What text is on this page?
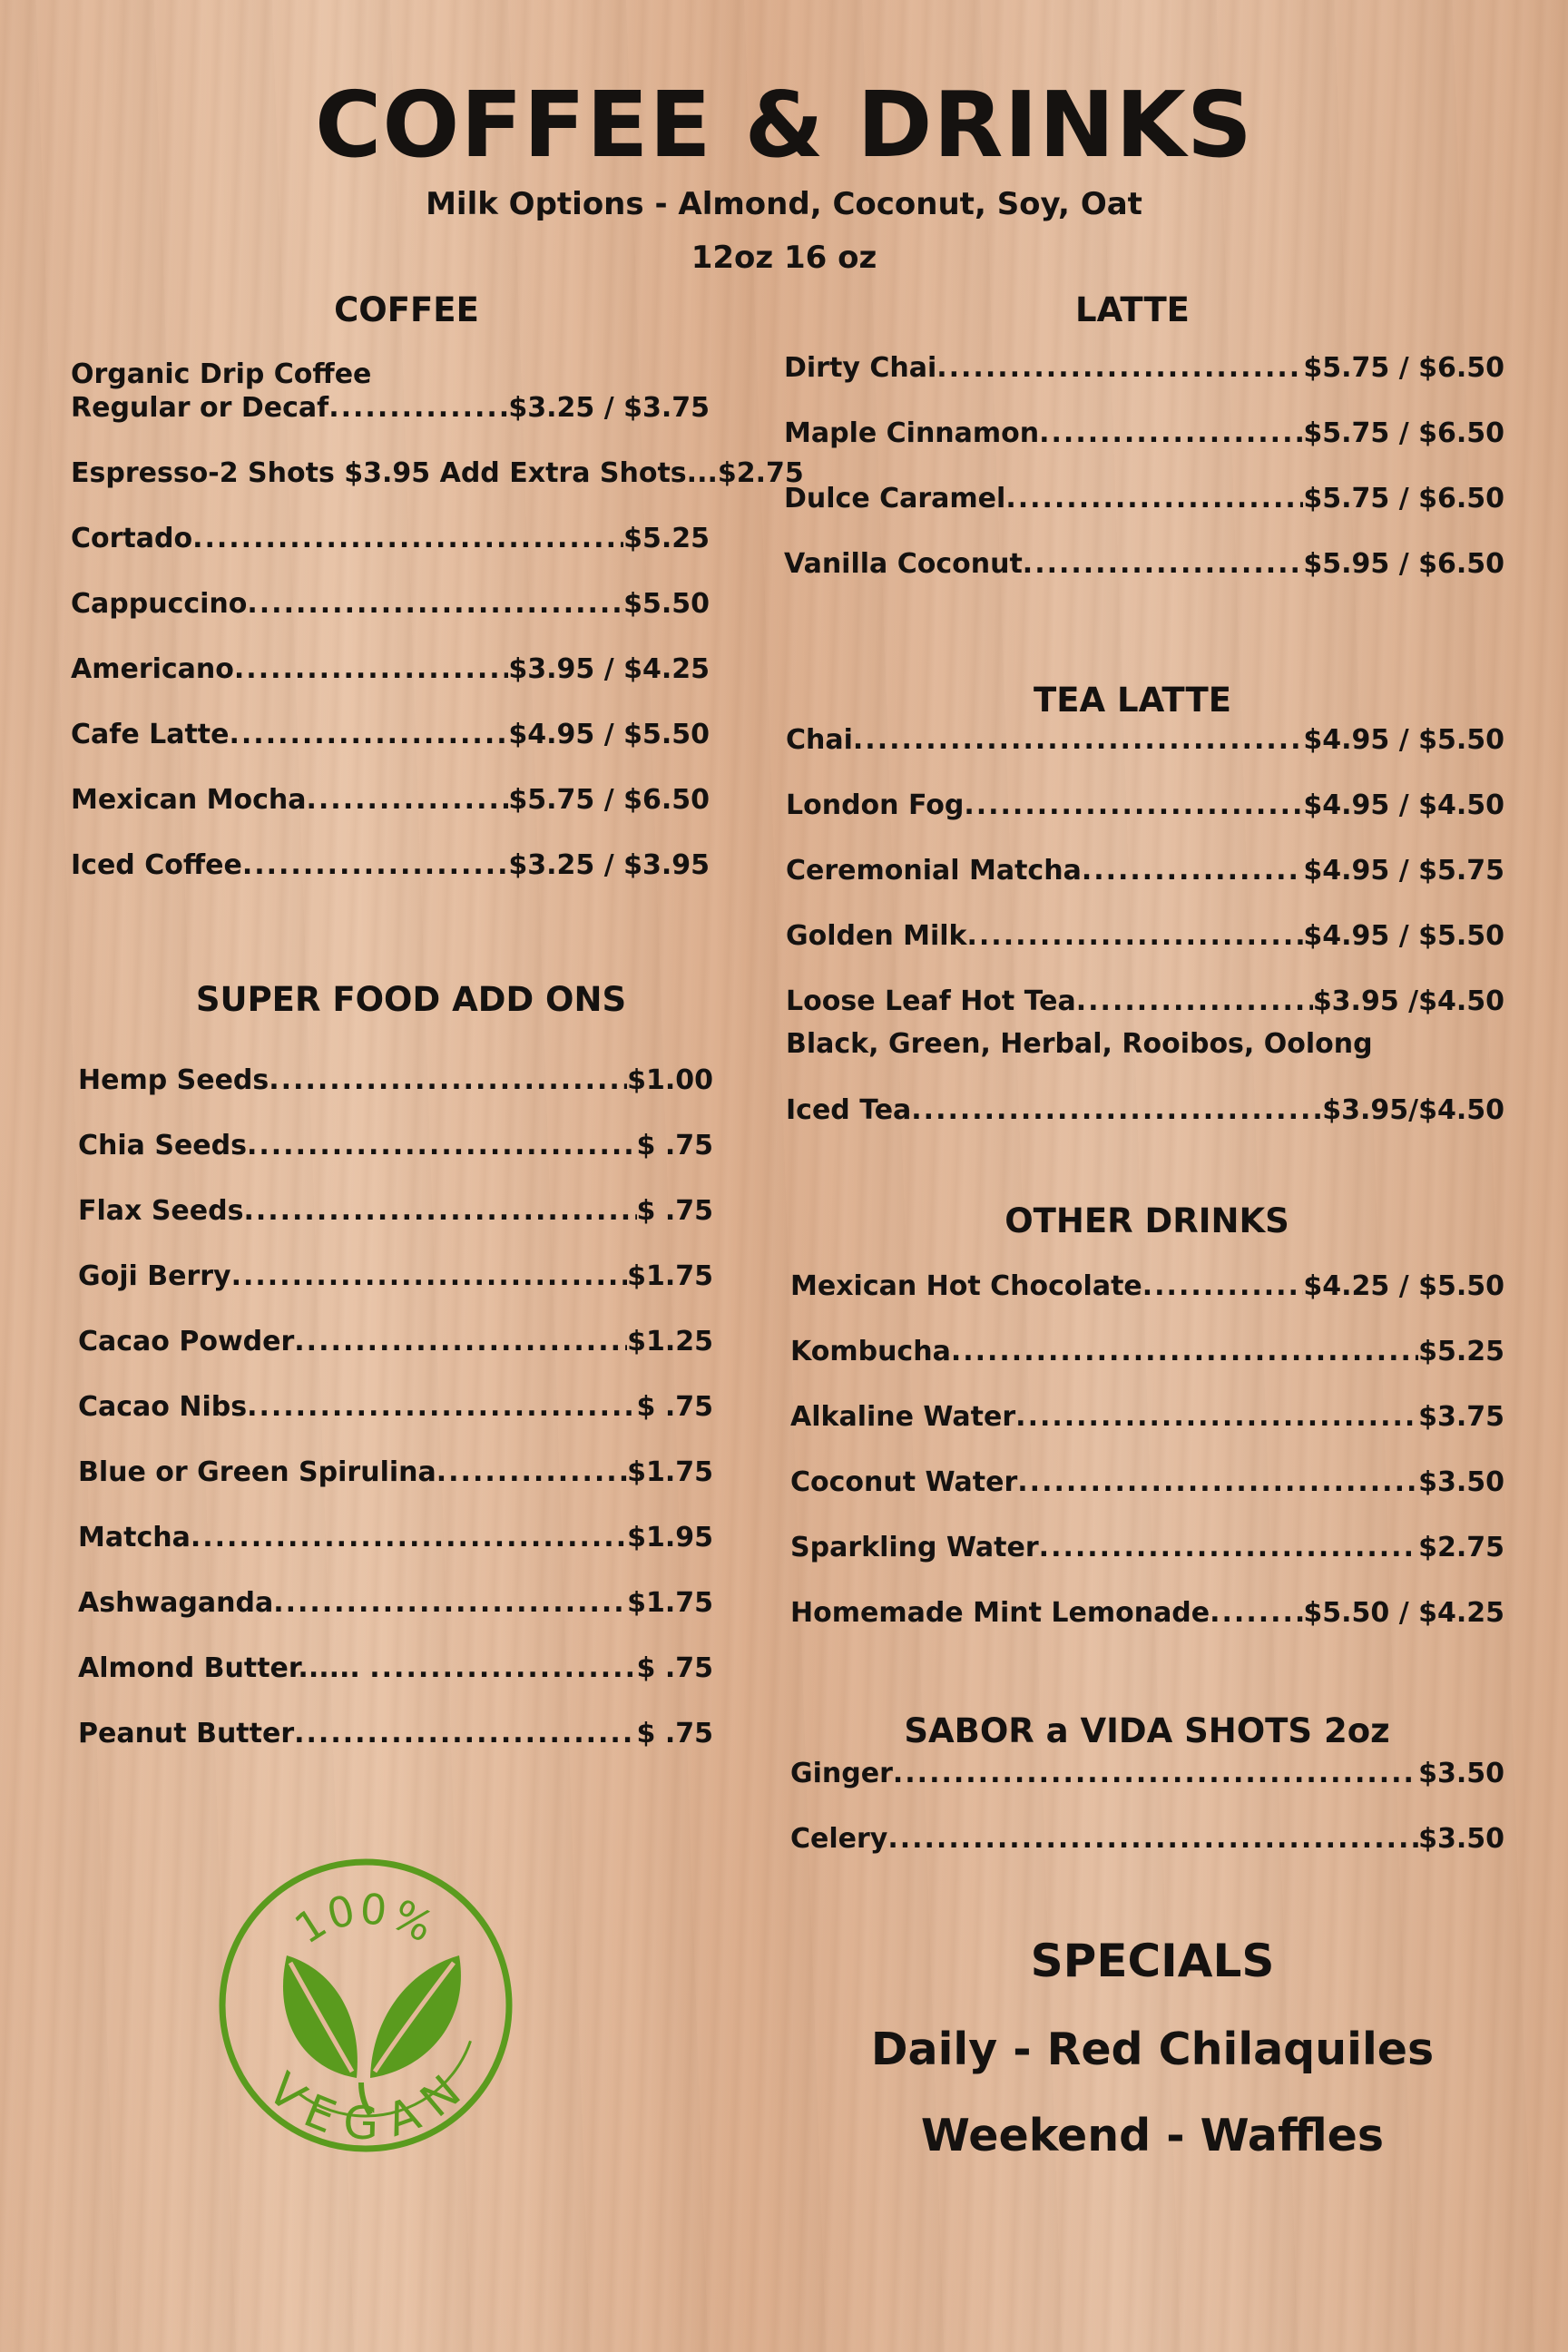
COFFEE & DRINKS
Milk Options - Almond, Coconut, Soy, Oat
12oz 16 oz
COFFEE
Organic Drip Coffee
Regular or Decaf .....	$3.25 / $3.75
Espresso-2 Shots $3.95 Add Extra Shots ...$2.75
Cortado .....	$5.25
Cappuccino .....	$5.50
Americano .....	$3.95 / $4.25
Cafe Latte .....	$4.95 / $5.50
Mexican Mocha .....	$5.75 / $6.50
Iced Coffee .....	$3.25 / $3.95
SUPER FOOD ADD ONS
Hemp Seeds .....	$1.00
Chia Seeds .....	$ .75
Flax Seeds .....	$ .75
Goji Berry .....	$1.75
Cacao Powder .....	$1.25
Cacao Nibs .....	$ .75
Blue or Green Spirulina .....	$1.75
Matcha .....	$1.95
Ashwaganda .....	$1.75
Almond Butter...... .....	$ .75
Peanut Butter .....	$ .75
100%
VEGAN
LATTE
Dirty Chai .....	$5.75 / $6.50
Maple Cinnamon .....	$5.75 / $6.50
Dulce Caramel .....	$5.75 / $6.50
Vanilla Coconut .....	$5.95 / $6.50
TEA LATTE
Chai .....	$4.95 / $5.50
London Fog .....	$4.95 / $4.50
Ceremonial Matcha .....	$4.95 / $5.75
Golden Milk .....	$4.95 / $5.50
Loose Leaf Hot Tea .....	$3.95 /$4.50
Black, Green, Herbal, Rooibos, Oolong
Iced Tea .....	$3.95/$4.50
OTHER DRINKS
Mexican Hot Chocolate .....	$4.25 / $5.50
Kombucha .....	$5.25
Alkaline Water .....	$3.75
Coconut Water .....	$3.50
Sparkling Water .....	$2.75
Homemade Mint Lemonade .....	$5.50 / $4.25
SABOR a VIDA SHOTS 2oz
Ginger .....	$3.50
Celery .....	$3.50
SPECIALS
Daily - Red Chilaquiles
Weekend - Waffles
